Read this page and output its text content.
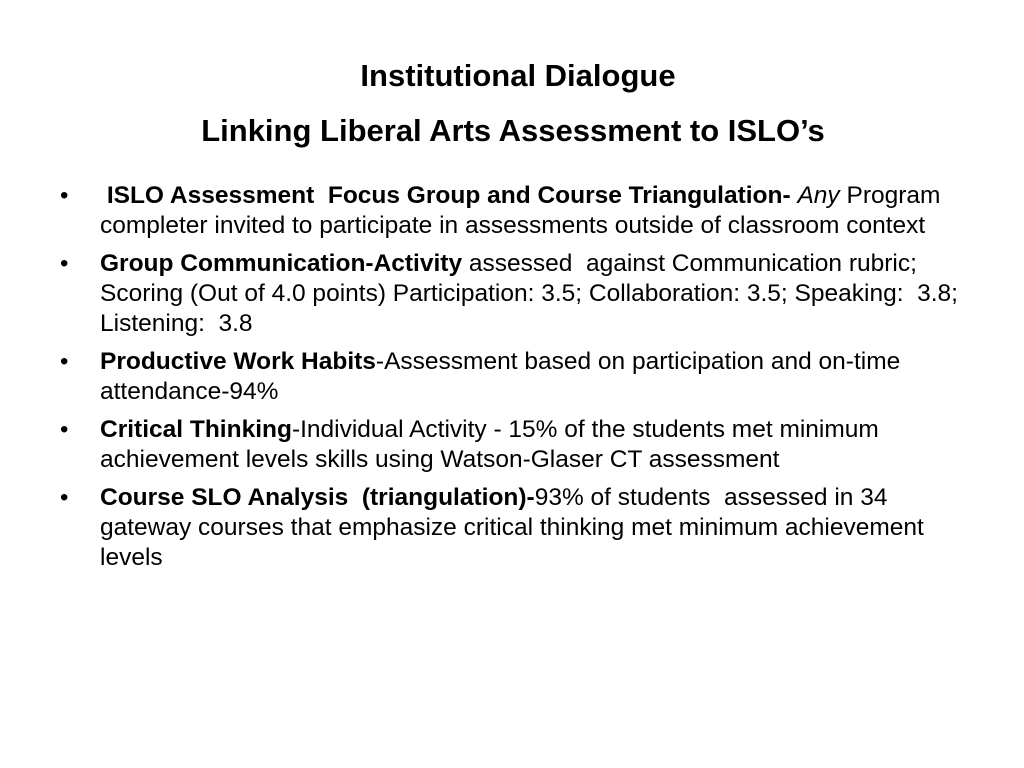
Institutional Dialogue
Linking Liberal Arts Assessment to ISLO’s
• ISLO Assessment  Focus Group and Course Triangulation- Any Program completer invited to participate in assessments outside of classroom context
• Group Communication-Activity assessed  against Communication rubric; Scoring (Out of 4.0 points) Participation: 3.5; Collaboration: 3.5; Speaking:  3.8; Listening:  3.8
• Productive Work Habits-Assessment based on participation and on-time attendance-94%
• Critical Thinking-Individual Activity - 15% of the students met minimum achievement levels skills using Watson-Glaser CT assessment
• Course SLO Analysis  (triangulation)-93% of students  assessed in 34 gateway courses that emphasize critical thinking met minimum achievement levels
